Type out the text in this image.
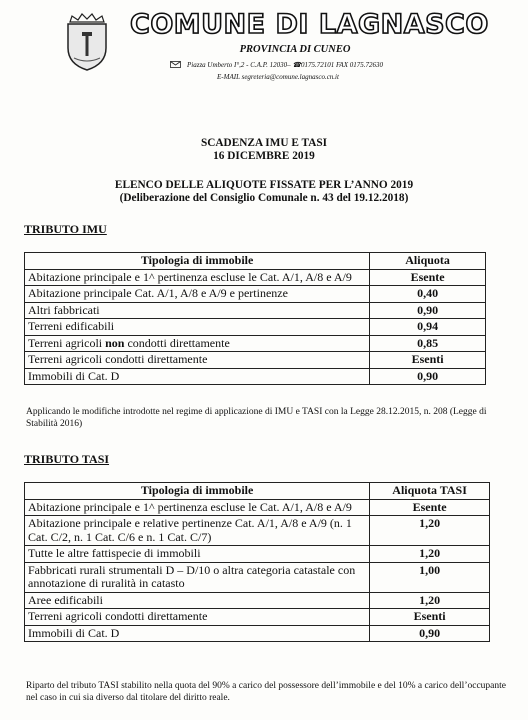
COMUNE DI LAGNASCO
PROVINCIA DI CUNEO
Piazza Umberto I°,2 - C.A.P. 12030– ☎0175.72101 FAX 0175.72630
E-MAIL segreteria@comune.lagnasco.cn.it
SCADENZA IMU E TASI
16 DICEMBRE 2019
ELENCO DELLE ALIQUOTE FISSATE PER L’ANNO 2019
(Deliberazione del Consiglio Comunale n. 43 del 19.12.2018)
TRIBUTO IMU
Tipologia di immobile	Aliquota
Abitazione principale e 1^ pertinenza escluse le Cat. A/1, A/8 e A/9	Esente
Abitazione principale Cat. A/1, A/8 e A/9 e pertinenze	0,40
Altri fabbricati	0,90
Terreni edificabili	0,94
Terreni agricoli non condotti direttamente	0,85
Terreni agricoli condotti direttamente	Esenti
Immobili di Cat. D	0,90
Applicando le modifiche introdotte nel regime di applicazione di IMU e TASI con la Legge 28.12.2015, n. 208 (Legge di Stabilità 2016)
TRIBUTO TASI
Tipologia di immobile	Aliquota TASI
Abitazione principale e 1^ pertinenza escluse le Cat. A/1, A/8 e A/9	Esente
Abitazione principale e relative pertinenze Cat. A/1, A/8 e A/9 (n. 1 Cat. C/2, n. 1 Cat. C/6 e n. 1 Cat. C/7)	1,20
Tutte le altre fattispecie di immobili	1,20
Fabbricati rurali strumentali D – D/10 o altra categoria catastale con annotazione di ruralità in catasto	1,00
Aree edificabili	1,20
Terreni agricoli condotti direttamente	Esenti
Immobili di Cat. D	0,90
Riparto del tributo TASI stabilito nella quota del 90% a carico del possessore dell’immobile e del 10% a carico dell’occupante nel caso in cui sia diverso dal titolare del diritto reale.
